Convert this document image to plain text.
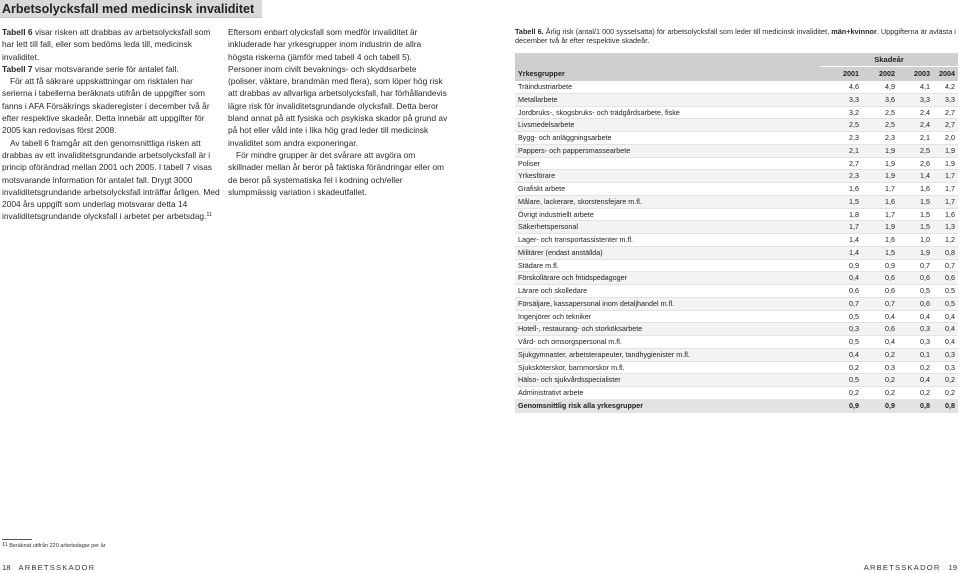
Arbetsolycksfall med medicinsk invaliditet

Tabell 6 visar risken att drabbas av arbetsolycksfall som har lett till fall, eller som bedöms leda till, medicinsk invaliditet.
Tabell 7 visar motsvarande serie för antalet fall.

För att få säkrare uppskattningar om risktalen har serierna i tabellerna beräknats utifrån de uppgifter som fanns i AFA Försäkrings skaderegister i december två år efter respektive skadeår. Detta innebär att uppgifter för 2005 kan redovisas först 2008.

Av tabell 6 framgår att den genomsnittliga risken att drabbas av ett invaliditetsgrundande arbetsolycksfall är i princip oförändrad mellan 2001 och 2005. I tabell 7 visas motsvarande information för antalet fall. Drygt 3000 invaliditetsgrundande arbetsolycksfall inträffar årligen. Med 2004 års uppgift som underlag motsvarar detta 14 invaliditetsgrundande olycksfall i arbetet per arbetsdag.$^{11}$

Eftersom enbart olycksfall som medför invaliditet är inkluderade har yrkesgrupper inom industrin de allra högsta riskerna (jämför med tabell 4 och tabell 5). Personer inom civilt bevaknings- och skyddsarbete (poliser, väktare, brandmän med flera), som löper hög risk att drabbas av allvarliga arbetsolycksfall, har förhållandevis lägre risk för invaliditetsgrundande olycksfall. Detta beror bland annat på att fysiska och psykiska skador på grund av på hot eller våld inte i lika hög grad leder till medicinsk invaliditet som andra exponeringar.

För mindre grupper är det svårare att avgöra om skillnader mellan år beror på faktiska förändringar eller om de beror på systematiska fel i kodning och/eller slumpmässig variation i skadeutfallet.

Tabell 6. Årlig risk (antal/1 000 sysselsatta) för arbetsolycksfall som leder till medicinsk invaliditet, män+kvinnor. Uppgifterna är avlästa i december två år efter respektive skadeår.
Skadeår
Yrkesgrupper	2001	2002	2003	2004
Träindustriarbete	4,6	4,9	4,1	4,2
Metallarbete	3,3	3,6	3,3	3,3
Jordbruks-, skogsbruks- och trädgårdsarbete, fiske	3,2	2,5	2,4	2,7
Livsmedelsarbete	2,5	2,5	2,4	2,7
Bygg- och anläggningsarbete	2,3	2,3	2,1	2,0
Pappers- och pappersmassearbete	2,1	1,9	2,5	1,9
Poliser	2,7	1,9	2,6	1,9
Yrkesförare	2,3	1,9	1,4	1,7
Grafiskt arbete	1,6	1,7	1,6	1,7
Målare, lackerare, skorstensfejare m.fl.	1,5	1,6	1,5	1,7
Övrigt industriellt arbete	1,8	1,7	1,5	1,6
Säkerhetspersonal	1,7	1,9	1,5	1,3
Lager- och transportassistenter m.fl.	1,4	1,6	1,0	1,2
Militärer (endast anställda)	1,4	1,5	1,9	0,8
Städare m.fl.	0,9	0,9	0,7	0,7
Förskollärare och fritidspedagoger	0,4	0,6	0,6	0,6
Lärare och skolledare	0,6	0,6	0,5	0,5
Försäljare, kassapersonal inom detaljhandel m.fl.	0,7	0,7	0,6	0,5
Ingenjörer och tekniker	0,5	0,4	0,4	0,4
Hotell-, restaurang- och storköksarbete	0,3	0,6	0,3	0,4
Vård- och omsorgspersonal m.fl.	0,5	0,4	0,3	0,4
Sjukgymnaster, arbetsterapeuter, tandhygienister m.fl.	0,4	0,2	0,1	0,3
Sjuksköterskor, barnmorskor m.fl.	0,2	0,3	0,2	0,3
Hälso- och sjukvårdsspecialister	0,5	0,2	0,4	0,2
Administrativt arbete	0,2	0,2	0,2	0,2
Genomsnittlig risk alla yrkesgrupper	0,9	0,9	0,8	0,8
$^{11}$ Beräknat utifrån 220 arbetsdagar per år
18 ARBETSSKADOR	ARBETSSKADOR 19
